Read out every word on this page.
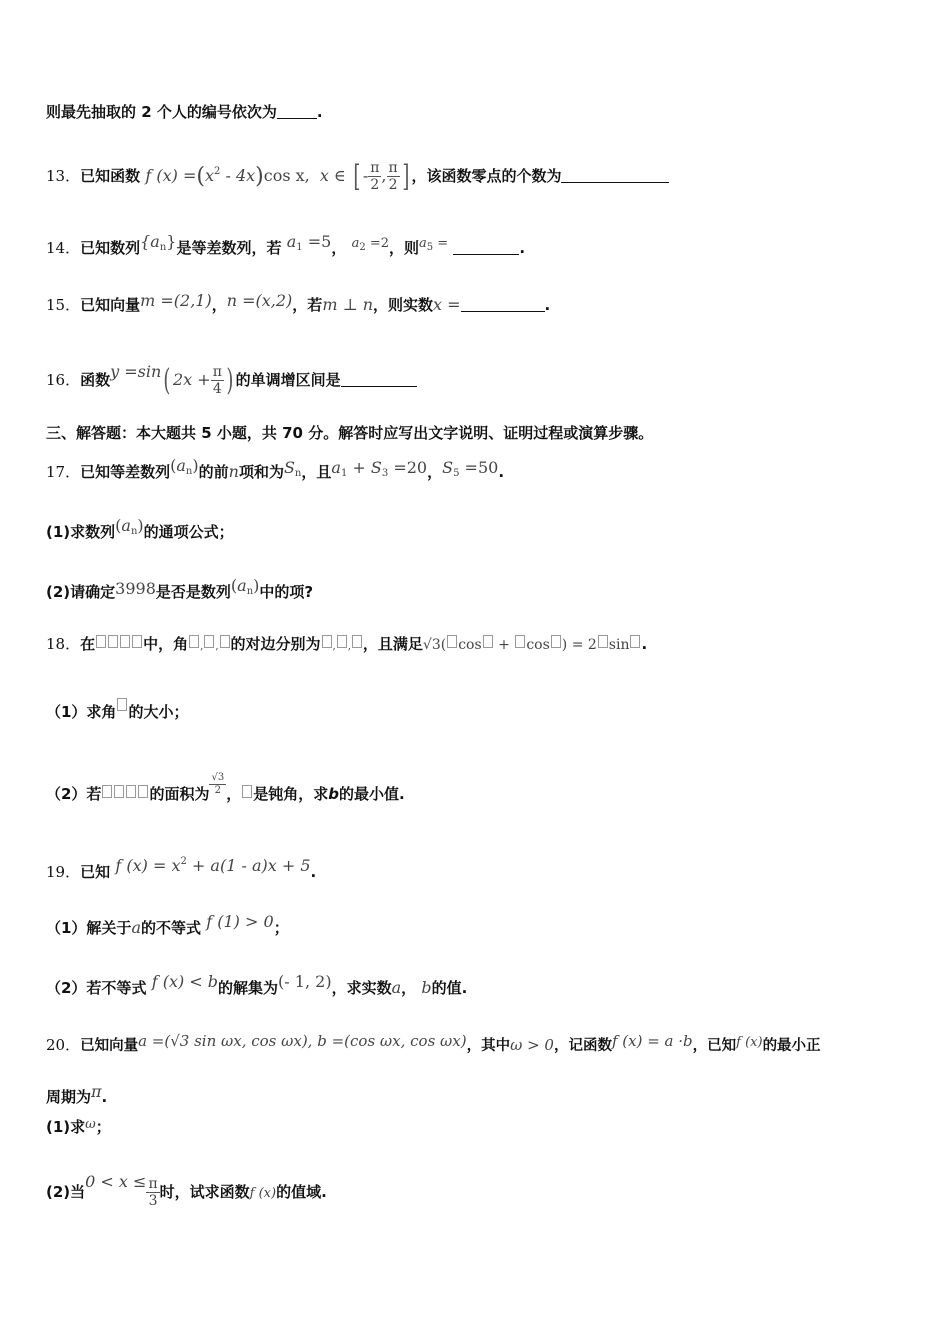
则最先抽取的 2 个人的编号依次为	.
13．已知函数 f $(x) =(x^2 - 4x)\cos$ x, x ∈ [ - $\frac{\pi}{2}$ , $\frac{\pi}{2}$ ] ，该函数零点的个数为
14．已知数列$\{a_n\}$是等差数列，若 $a_1 =5$， $a_2 =2$，则$a_5$ =	.
15．已知向量m =(2,1)，n =(x,2)，若m ⊥ n，则实数x =	.
16．函数y =sin( $2x + \frac{\pi}{4}$ ) 的单调增区间是
三、解答题：本大题共 5 小题，共 70 分。解答时应写出文字说明、证明过程或演算步骤。
17．已知等差数列$(a_n)$的前n项和为$S_n$，且$a_1 + S_3 =20$，$S_5 =50$.
(1)求数列$(a_n)$的通项公式；
(2)请确定3998是否是数列$(a_n)$中的项?
18．在	中，角 , , 的对边分别为 , , ，且满足√3( cos + cos ) = 2 sin .
（1）求角 的大小；
（2）若	的面积为 $\frac{√3}{2}$ ， 是钝角，求b的最小值.
19．已知 f $(x) = x^2 + a(1 - a)x + 5$.
（1）解关于a的不等式 f (1) > 0；
（2）若不等式 f (x) < b的解集为(- 1, 2)，求实数a， b的值.
20．已知向量a =(√3 sin ωx, cos ωx), b =(cos ωx, cos ωx)，其中ω > 0，记函数f (x) = a ·b，已知f (x)的最小正
周期为π.
(1)求ω；
(2)当$0 < x \le \frac{\pi}{3}$ 时，试求函数f (x)的值域.
